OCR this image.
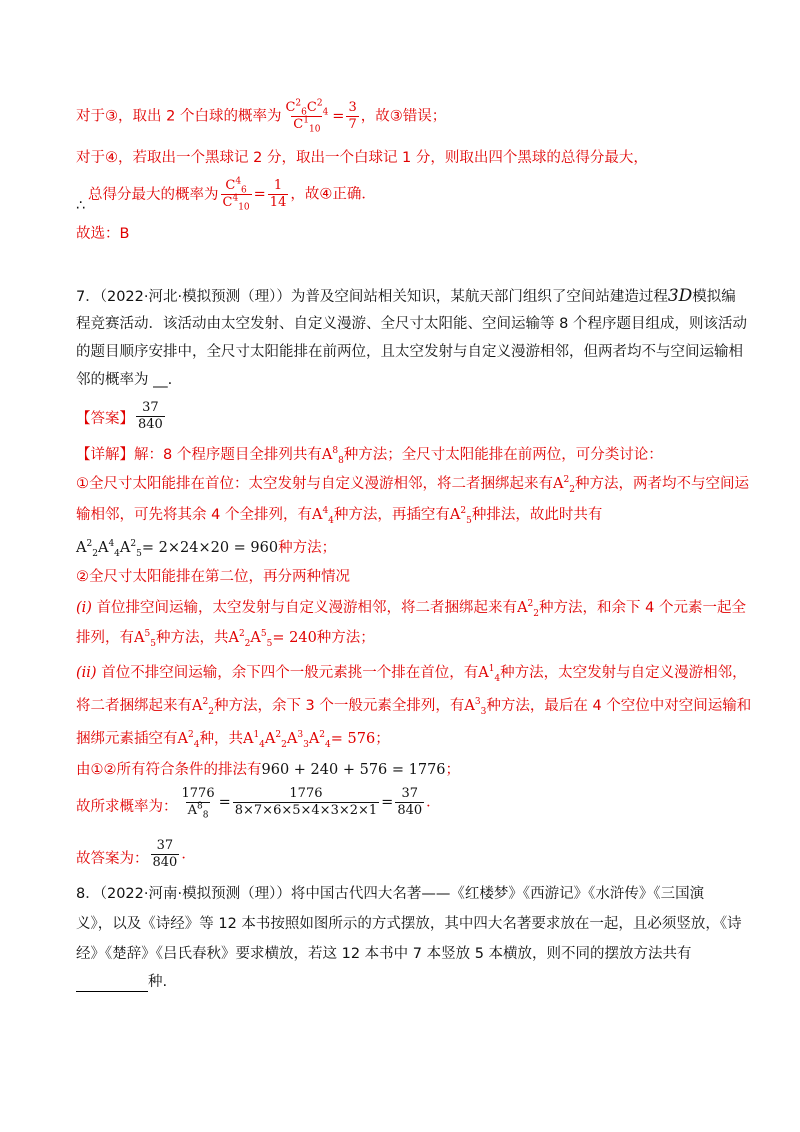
对于③，取出 2 个白球的概率为 $\frac{C^2_6C^2_4}{C^1_{10}} = \frac{3}{7}$ ，故③错误；
对于④，若取出一个黑球记 2 分，取出一个白球记 1 分，则取出四个黑球的总得分最大，
∴
总得分最大的概率为 $\frac{C^4_6}{C^4_{10}} = \frac{1}{14}$ ，故④正确．
故选：B
7．（2022·河北·模拟预测（理））为普及空间站相关知识，某航天部门组织了空间站建造过程3D模拟编
程竞赛活动．该活动由太空发射、自定义漫游、全尺寸太阳能、空间运输等 8 个程序题目组成，则该活动
的题目顺序安排中，全尺寸太阳能排在前两位，且太空发射与自定义漫游相邻，但两者均不与空间运输相
邻的概率为 __.
【答案】 $\frac{37}{840}$
【详解】解：8 个程序题目全排列共有$A^8_8$种方法；全尺寸太阳能排在前两位，可分类讨论：
①全尺寸太阳能排在首位：太空发射与自定义漫游相邻，将二者捆绑起来有$A^2_2$种方法，两者均不与空间运
输相邻，可先将其余 4 个全排列，有$A^4_4$种方法，再插空有$A^2_5$种排法，故此时共有
$A^2_2A^4_4A^2_5= 2\times 24\times 20 = 960$种方法；
②全尺寸太阳能排在第二位，再分两种情况
(i) 首位排空间运输，太空发射与自定义漫游相邻，将二者捆绑起来有$A^2_2$种方法，和余下 4 个元素一起全
排列，有$A^5_5$种方法，共$A^2_2A^5_5= 240$种方法；
(ii) 首位不排空间运输，余下四个一般元素挑一个排在首位，有$A^1_4$种方法，太空发射与自定义漫游相邻，
将二者捆绑起来有$A^2_2$种方法，余下 3 个一般元素全排列，有$A^3_3$种方法，最后在 4 个空位中对空间运输和
捆绑元素插空有$A^2_4$种，共$A^1_4A^2_2A^3_3A^2_4= 576$；
由①②所有符合条件的排法有960 + 240 + 576 = 1776；
故所求概率为： $\frac{1776}{A^8_8} = \frac{1776}{8\times 7\times 6\times 5\times 4\times 3\times 2\times 1} = \frac{37}{840}$ ．
故答案为： $\frac{37}{840}$ ．
8．（2022·河南·模拟预测（理））将中国古代四大名著——《红楼梦》《西游记》《水浒传》《三国演
义》，以及《诗经》等 12 本书按照如图所示的方式摆放，其中四大名著要求放在一起，且必须竖放，《诗
经》《楚辞》《吕氏春秋》要求横放，若这 12 本书中 7 本竖放 5 本横放，则不同的摆放方法共有
种.
